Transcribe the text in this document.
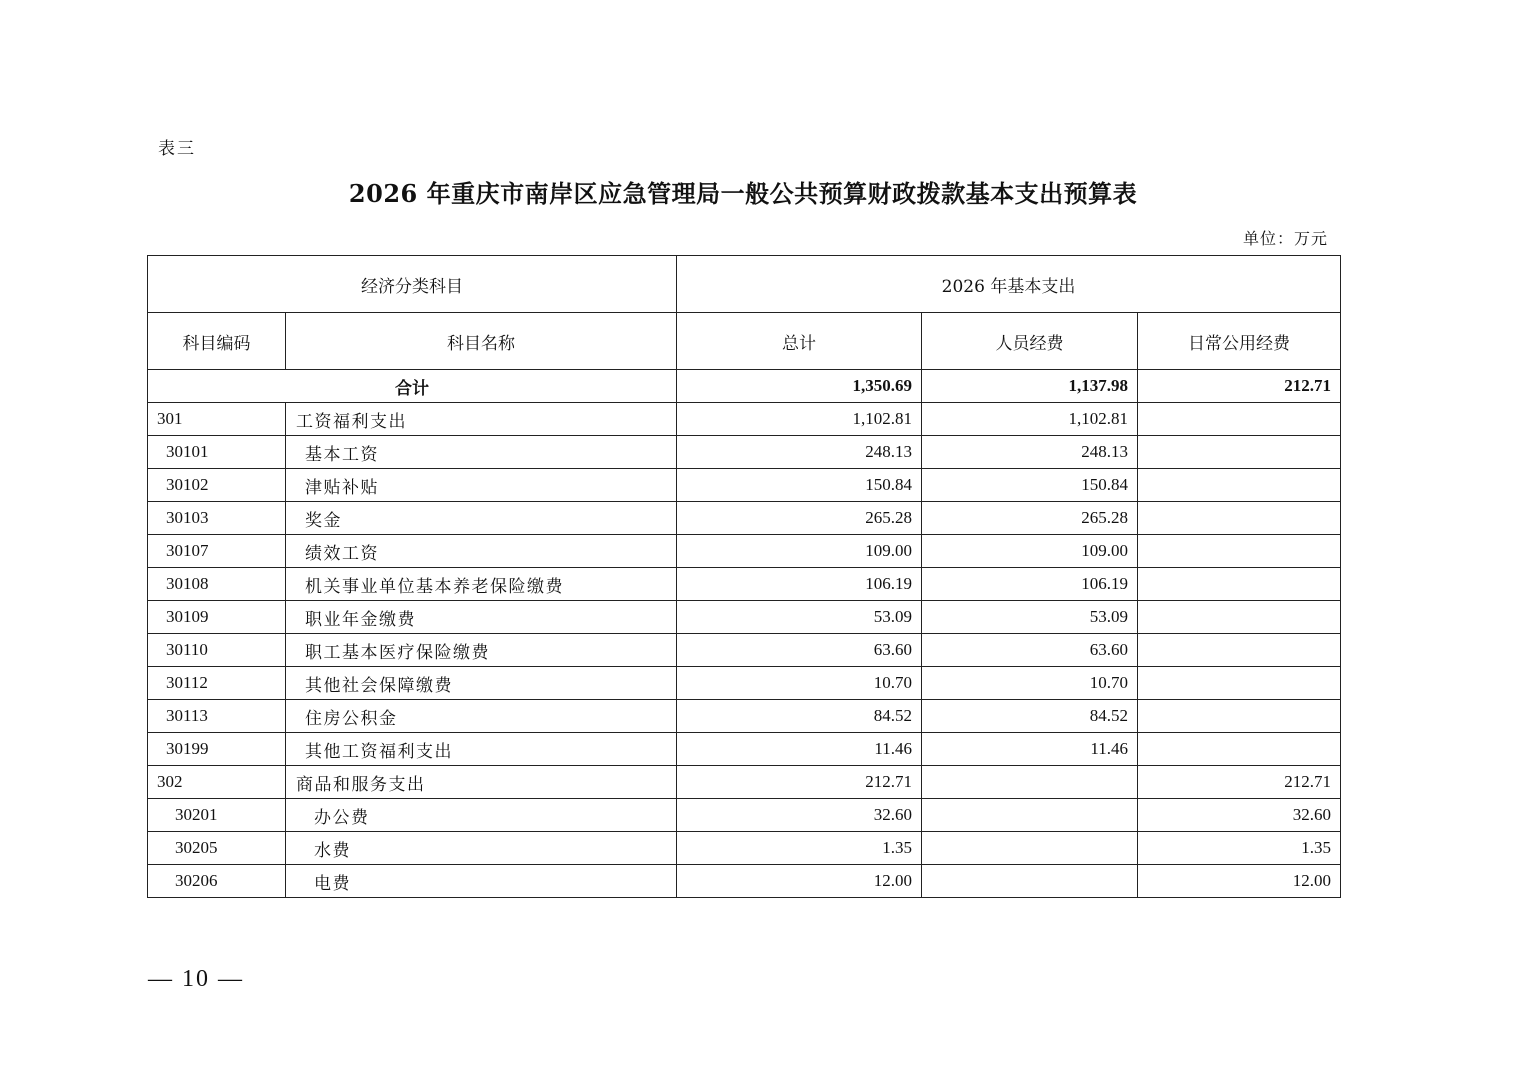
表三
2026 年重庆市南岸区应急管理局一般公共预算财政拨款基本支出预算表
单位：万元
经济分类科目		2026 年基本支出		
科目编码	科目名称	总计	人员经费	日常公用经费
合计		1,350.69	1,137.98	212.71
301	工资福利支出	1,102.81	1,102.81	
30101	基本工资	248.13	248.13	
30102	津贴补贴	150.84	150.84	
30103	奖金	265.28	265.28	
30107	绩效工资	109.00	109.00	
30108	机关事业单位基本养老保险缴费	106.19	106.19	
30109	职业年金缴费	53.09	53.09	
30110	职工基本医疗保险缴费	63.60	63.60	
30112	其他社会保障缴费	10.70	10.70	
30113	住房公积金	84.52	84.52	
30199	其他工资福利支出	11.46	11.46	
302	商品和服务支出	212.71		212.71
30201	办公费	32.60		32.60
30205	水费	1.35		1.35
30206	电费	12.00		12.00
— 10 —
